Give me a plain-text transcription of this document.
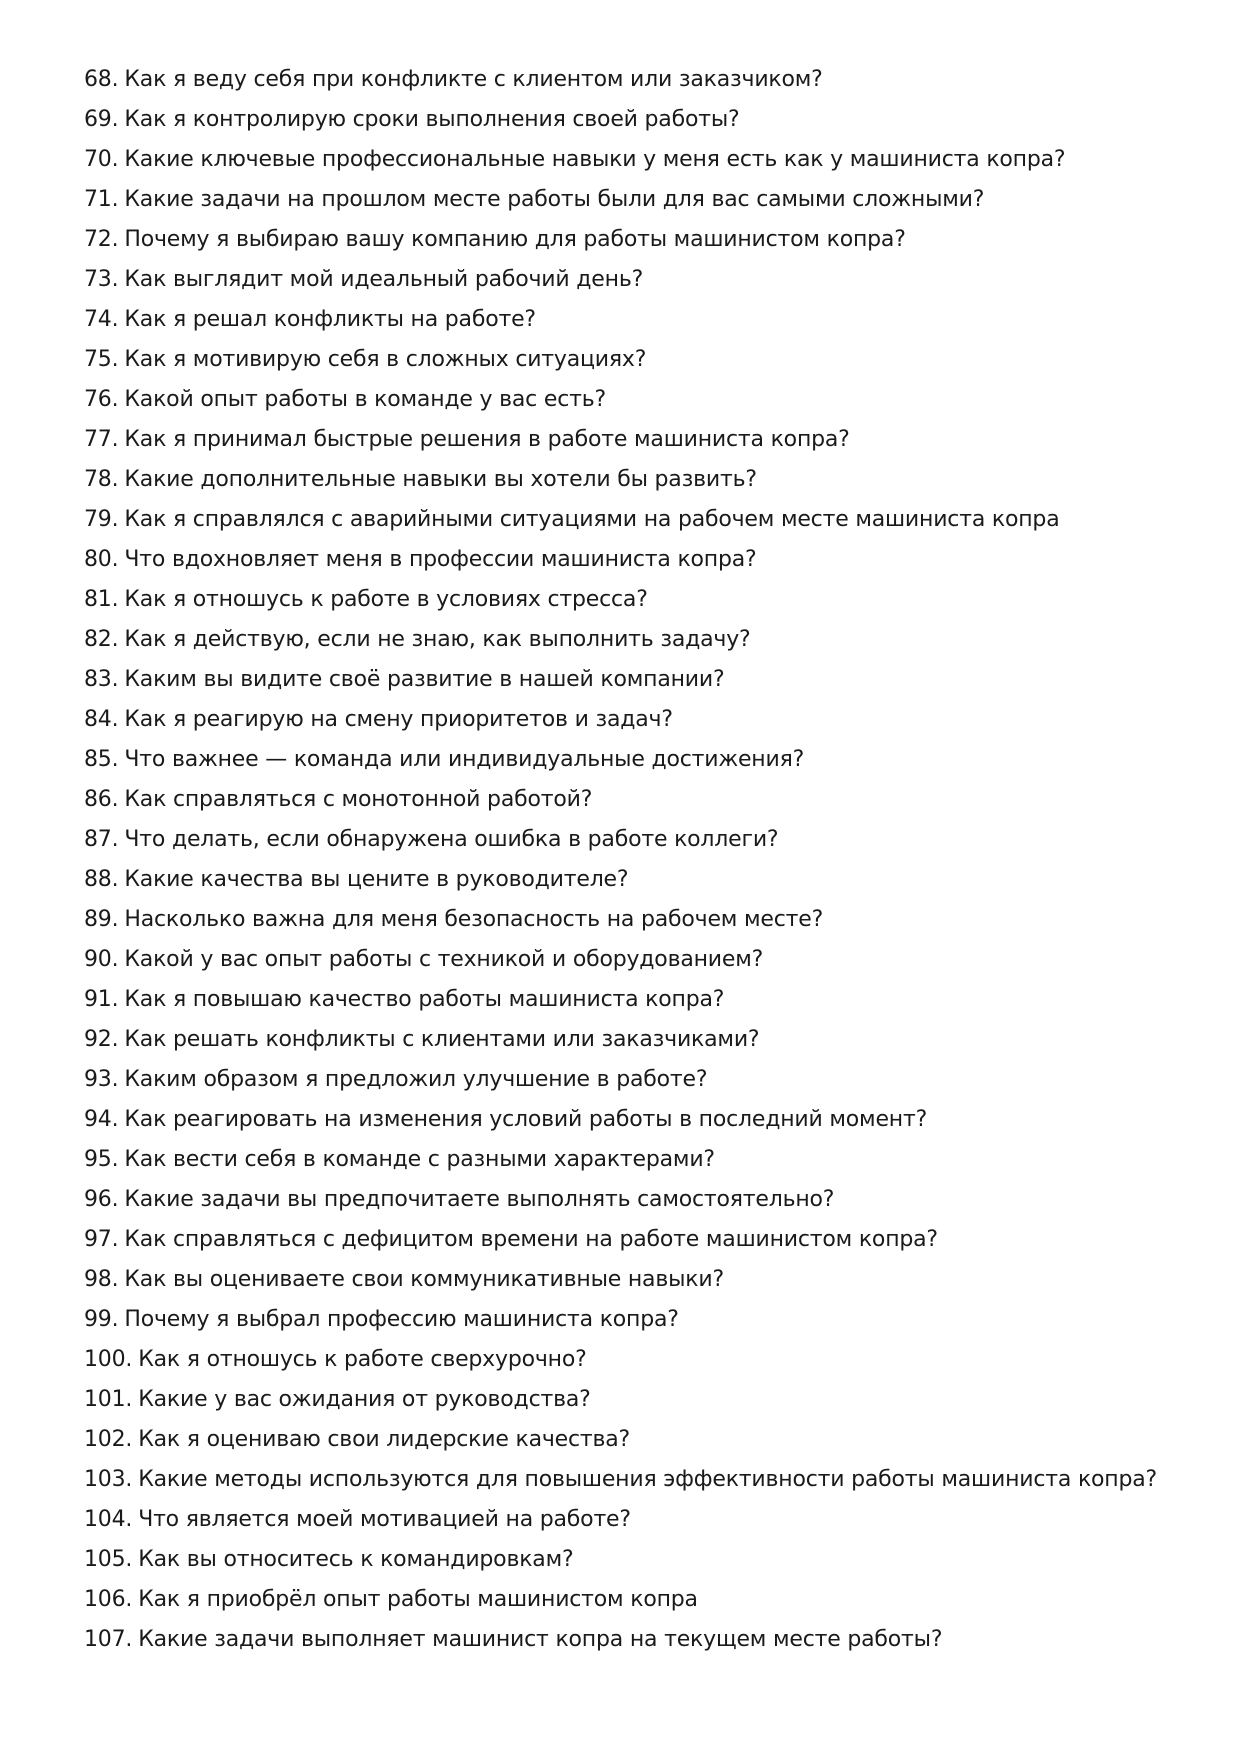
68. Как я веду себя при конфликте с клиентом или заказчиком?
69. Как я контролирую сроки выполнения своей работы?
70. Какие ключевые профессиональные навыки у меня есть как у машиниста копра?
71. Какие задачи на прошлом месте работы были для вас самыми сложными?
72. Почему я выбираю вашу компанию для работы машинистом копра?
73. Как выглядит мой идеальный рабочий день?
74. Как я решал конфликты на работе?
75. Как я мотивирую себя в сложных ситуациях?
76. Какой опыт работы в команде у вас есть?
77. Как я принимал быстрые решения в работе машиниста копра?
78. Какие дополнительные навыки вы хотели бы развить?
79. Как я справлялся с аварийными ситуациями на рабочем месте машиниста копра
80. Что вдохновляет меня в профессии машиниста копра?
81. Как я отношусь к работе в условиях стресса?
82. Как я действую, если не знаю, как выполнить задачу?
83. Каким вы видите своё развитие в нашей компании?
84. Как я реагирую на смену приоритетов и задач?
85. Что важнее — команда или индивидуальные достижения?
86. Как справляться с монотонной работой?
87. Что делать, если обнаружена ошибка в работе коллеги?
88. Какие качества вы цените в руководителе?
89. Насколько важна для меня безопасность на рабочем месте?
90. Какой у вас опыт работы с техникой и оборудованием?
91. Как я повышаю качество работы машиниста копра?
92. Как решать конфликты с клиентами или заказчиками?
93. Каким образом я предложил улучшение в работе?
94. Как реагировать на изменения условий работы в последний момент?
95. Как вести себя в команде с разными характерами?
96. Какие задачи вы предпочитаете выполнять самостоятельно?
97. Как справляться с дефицитом времени на работе машинистом копра?
98. Как вы оцениваете свои коммуникативные навыки?
99. Почему я выбрал профессию машиниста копра?
100. Как я отношусь к работе сверхурочно?
101. Какие у вас ожидания от руководства?
102. Как я оцениваю свои лидерские качества?
103. Какие методы используются для повышения эффективности работы машиниста копра?
104. Что является моей мотивацией на работе?
105. Как вы относитесь к командировкам?
106. Как я приобрёл опыт работы машинистом копра
107. Какие задачи выполняет машинист копра на текущем месте работы?
